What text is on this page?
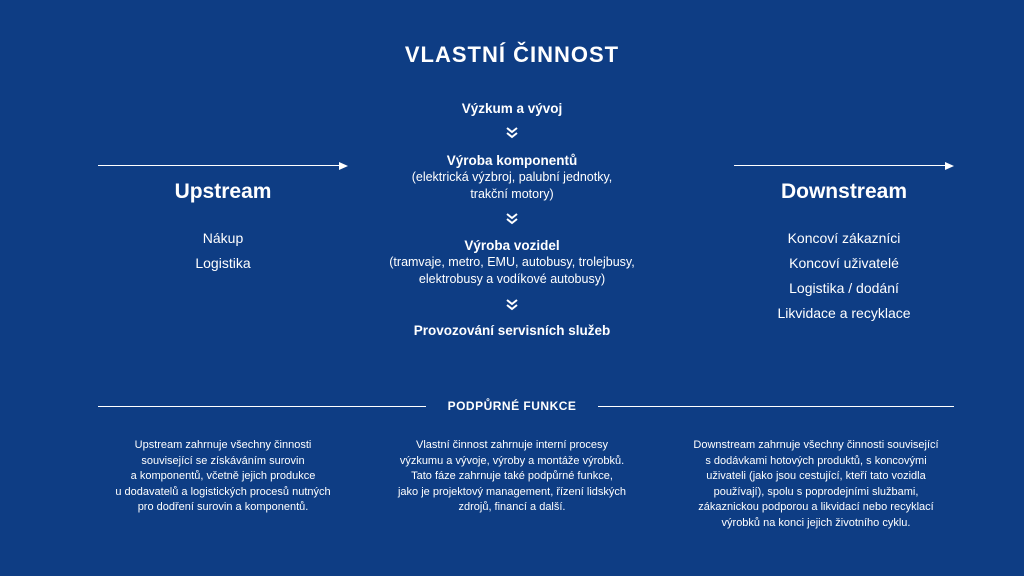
VLASTNÍ ČINNOST
Upstream
Nákup
Logistika
Výzkum a vývoj
Výroba komponentů
(elektrická výzbroj, palubní jednotky,
trakční motory)
Výroba vozidel
(tramvaje, metro, EMU, autobusy, trolejbusy,
elektrobusy a vodíkové autobusy)
Provozování servisních služeb
Downstream
Koncoví zákazníci
Koncoví uživatelé
Logistika / dodání
Likvidace a recyklace
PODPŮRNÉ FUNKCE
Upstream zahrnuje všechny činnosti
související se získáváním surovin
a komponentů, včetně jejich produkce
u dodavatelů a logistických procesů nutných
pro dodření surovin a komponentů.
Vlastní činnost zahrnuje interní procesy
výzkumu a vývoje, výroby a montáže výrobků.
Tato fáze zahrnuje také podpůrné funkce,
jako je projektový management, řízení lidských
zdrojů, financí a další.
Downstream zahrnuje všechny činnosti související
s dodávkami hotových produktů, s koncovými
uživateli (jako jsou cestující, kteří tato vozidla
používají), spolu s poprodejními službami,
zákaznickou podporou a likvidací nebo recyklací
výrobků na konci jejich životního cyklu.
